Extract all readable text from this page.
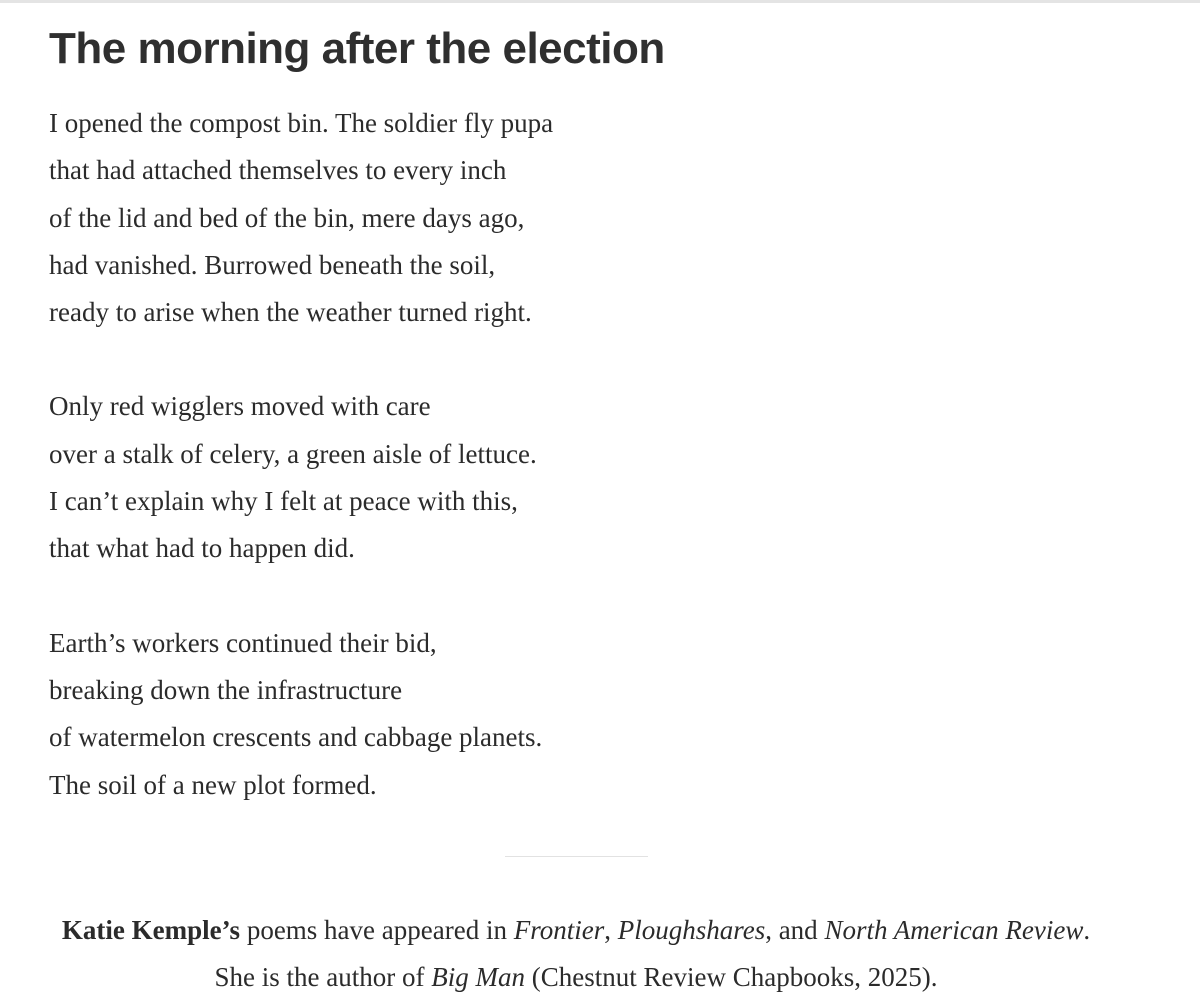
The morning after the election
I opened the compost bin. The soldier fly pupa
that had attached themselves to every inch
of the lid and bed of the bin, mere days ago,
had vanished. Burrowed beneath the soil,
ready to arise when the weather turned right.
Only red wigglers moved with care
over a stalk of celery, a green aisle of lettuce.
I can’t explain why I felt at peace with this,
that what had to happen did.
Earth’s workers continued their bid,
breaking down the infrastructure
of watermelon crescents and cabbage planets.
The soil of a new plot formed.

Katie Kemple’s poems have appeared in Frontier, Ploughshares, and North American Review. She is the author of Big Man (Chestnut Review Chapbooks, 2025).
